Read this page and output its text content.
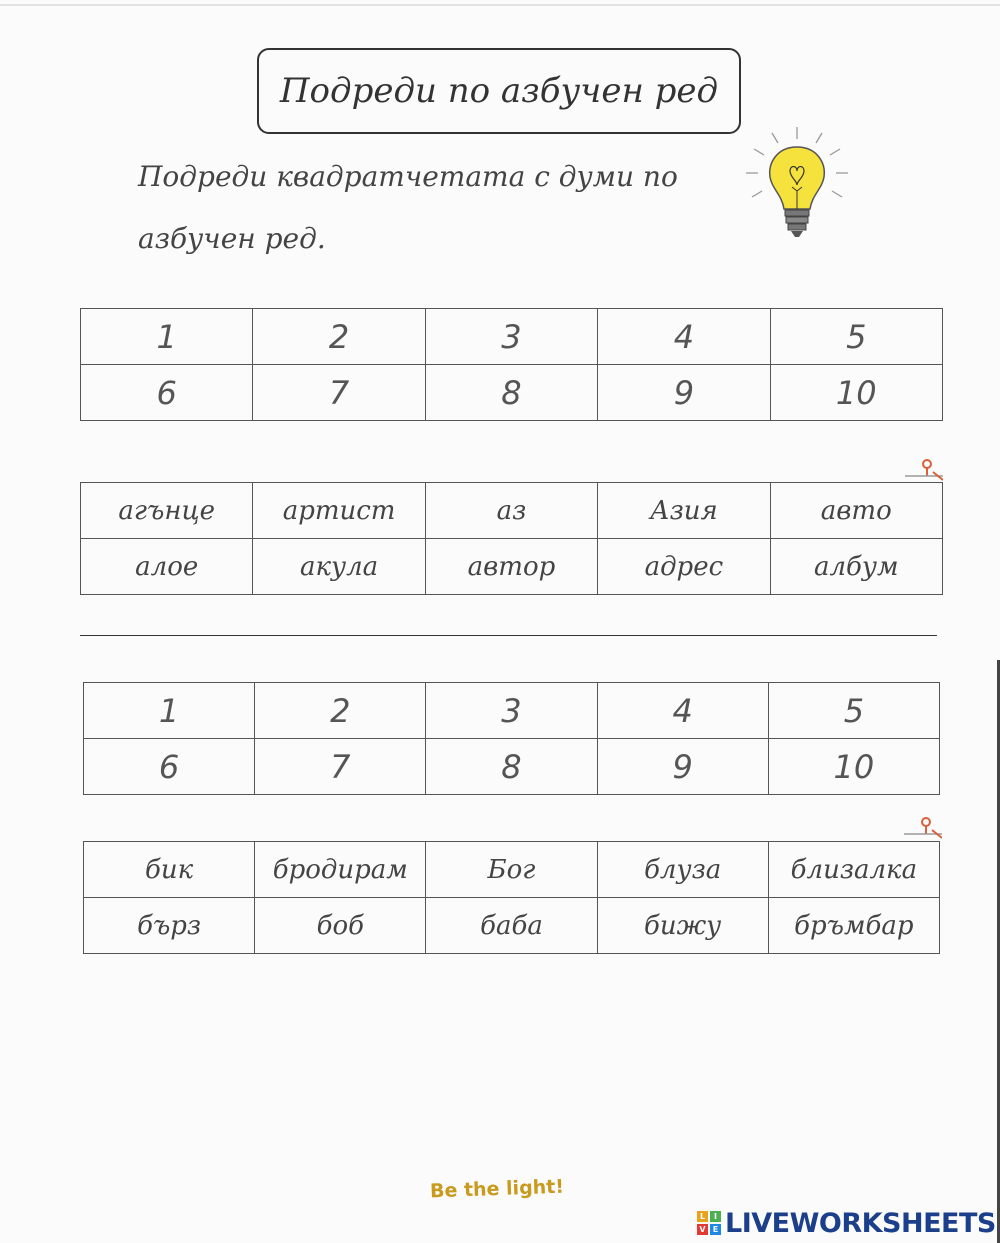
Подреди по азбучен ред
Подреди квадратчетата с думи по азбучен ред.
1	2	3	4	5
6	7	8	9	10
агънце	артист	аз	Азия	авто
алое	акула	автор	адрес	албум
1	2	3	4	5
6	7	8	9	10
бик	бродирам	Бог	блуза	близалка
бърз	боб	баба	бижу	бръмбар
Be the light!
L	I
V E LIVEWORKSHEETS
